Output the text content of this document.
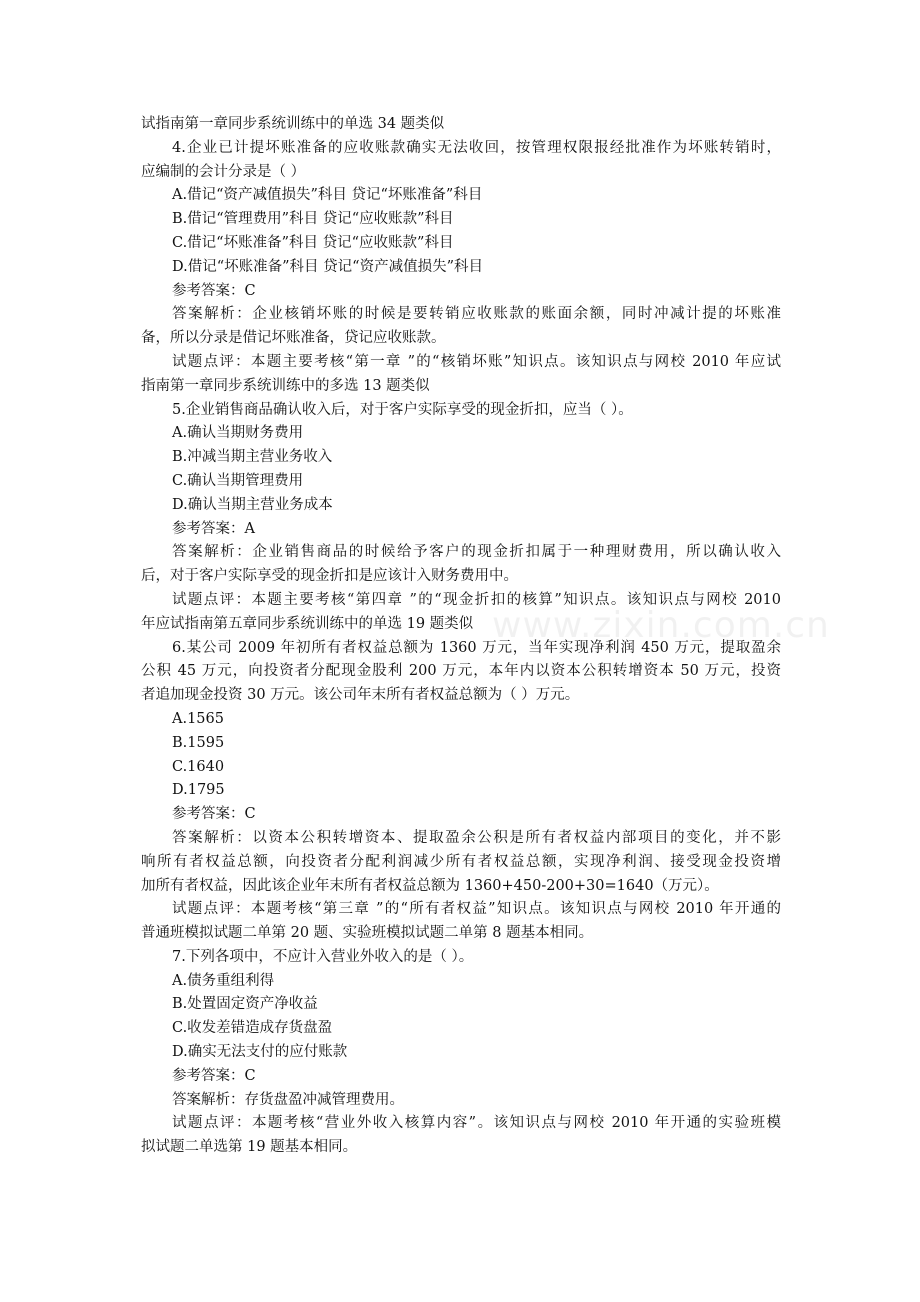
www.zixin.com.cn
试指南第一章同步系统训练中的单选 34 题类似
4.企业已计提坏账准备的应收账款确实无法收回，按管理权限报经批准作为坏账转销时，
应编制的会计分录是（ ）
A.借记“资产减值损失”科目 贷记“坏账准备”科目
B.借记“管理费用”科目 贷记“应收账款”科目
C.借记“坏账准备”科目 贷记“应收账款”科目
D.借记“坏账准备”科目 贷记“资产减值损失”科目
参考答案：C
答案解析：企业核销坏账的时候是要转销应收账款的账面余额，同时冲减计提的坏账准
备，所以分录是借记坏账准备，贷记应收账款。
试题点评：本题主要考核“第一章 ”的“核销坏账”知识点。该知识点与网校 2010 年应试
指南第一章同步系统训练中的多选 13 题类似
5.企业销售商品确认收入后，对于客户实际享受的现金折扣，应当（ ）。
A.确认当期财务费用
B.冲减当期主营业务收入
C.确认当期管理费用
D.确认当期主营业务成本
参考答案：A
答案解析：企业销售商品的时候给予客户的现金折扣属于一种理财费用，所以确认收入
后，对于客户实际享受的现金折扣是应该计入财务费用中。
试题点评：本题主要考核“第四章 ”的“现金折扣的核算”知识点。该知识点与网校 2010
年应试指南第五章同步系统训练中的单选 19 题类似
6.某公司 2009 年初所有者权益总额为 1360 万元，当年实现净利润 450 万元，提取盈余
公积 45 万元，向投资者分配现金股利 200 万元，本年内以资本公积转增资本 50 万元，投资
者追加现金投资 30 万元。该公司年末所有者权益总额为（ ）万元。
A.1565
B.1595
C.1640
D.1795
参考答案：C
答案解析：以资本公积转增资本、提取盈余公积是所有者权益内部项目的变化，并不影
响所有者权益总额，向投资者分配利润减少所有者权益总额，实现净利润、接受现金投资增
加所有者权益，因此该企业年末所有者权益总额为 1360+450-200+30=1640（万元）。
试题点评：本题考核“第三章 ”的“所有者权益”知识点。该知识点与网校 2010 年开通的
普通班模拟试题二单第 20 题、实验班模拟试题二单第 8 题基本相同。
7.下列各项中，不应计入营业外收入的是（ ）。
A.债务重组利得
B.处置固定资产净收益
C.收发差错造成存货盘盈
D.确实无法支付的应付账款
参考答案：C
答案解析：存货盘盈冲减管理费用。
试题点评：本题考核“营业外收入核算内容”。该知识点与网校 2010 年开通的实验班模
拟试题二单选第 19 题基本相同。
